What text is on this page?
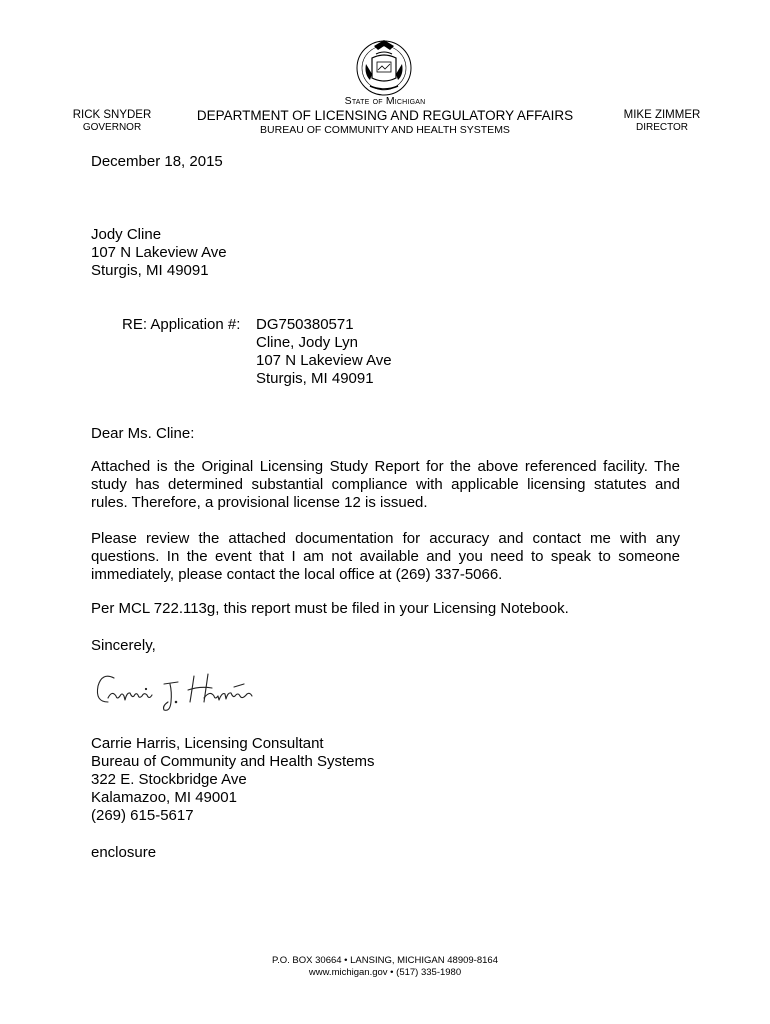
RICK SNYDER
GOVERNOR
State of Michigan
DEPARTMENT OF LICENSING AND REGULATORY AFFAIRS
BUREAU OF COMMUNITY AND HEALTH SYSTEMS
MIKE ZIMMER
DIRECTOR
December 18, 2015
Jody Cline
107 N Lakeview Ave
Sturgis, MI 49091
RE: Application #: DG750380571
Cline, Jody Lyn
107 N Lakeview Ave
Sturgis, MI 49091
Dear Ms. Cline:
Attached is the Original Licensing Study Report for the above referenced facility. The study has determined substantial compliance with applicable licensing statutes and rules. Therefore, a provisional license 12 is issued.
Please review the attached documentation for accuracy and contact me with any questions. In the event that I am not available and you need to speak to someone immediately, please contact the local office at (269) 337-5066.
Per MCL 722.113g, this report must be filed in your Licensing Notebook.
Sincerely,
Carrie Harris, Licensing Consultant
Bureau of Community and Health Systems
322 E. Stockbridge Ave
Kalamazoo, MI 49001
(269) 615-5617
enclosure
P.O. BOX 30664 • LANSING, MICHIGAN 48909-8164
www.michigan.gov • (517) 335-1980
